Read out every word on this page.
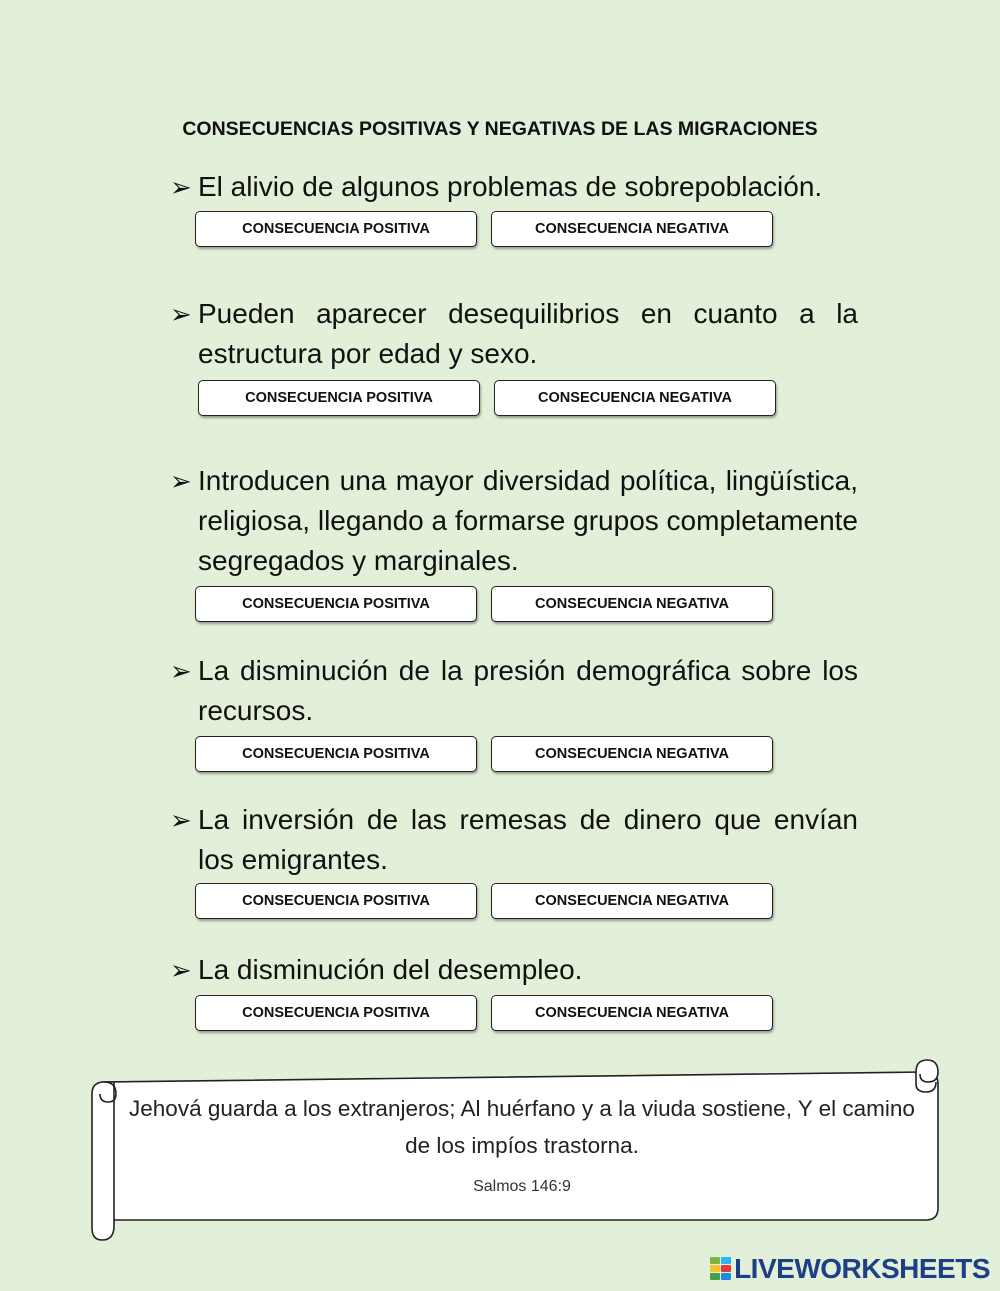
CONSECUENCIAS POSITIVAS Y NEGATIVAS DE LAS MIGRACIONES
➢ El alivio de algunos problemas de sobrepoblación.
CONSECUENCIA POSITIVA	CONSECUENCIA NEGATIVA
➢ Pueden aparecer desequilibrios en cuanto a la estructura por edad y sexo.
CONSECUENCIA POSITIVA	CONSECUENCIA NEGATIVA
➢ Introducen una mayor diversidad política, lingüística, religiosa, llegando a formarse grupos completamente segregados y marginales.
CONSECUENCIA POSITIVA	CONSECUENCIA NEGATIVA
➢ La disminución de la presión demográfica sobre los recursos.
CONSECUENCIA POSITIVA	CONSECUENCIA NEGATIVA
➢ La inversión de las remesas de dinero que envían los emigrantes.
CONSECUENCIA POSITIVA	CONSECUENCIA NEGATIVA
➢ La disminución del desempleo.
CONSECUENCIA POSITIVA	CONSECUENCIA NEGATIVA
Jehová guarda a los extranjeros; Al huérfano y a la viuda sostiene, Y el camino de los impíos trastorna.
Salmos 146:9
LIVEWORKSHEETS
